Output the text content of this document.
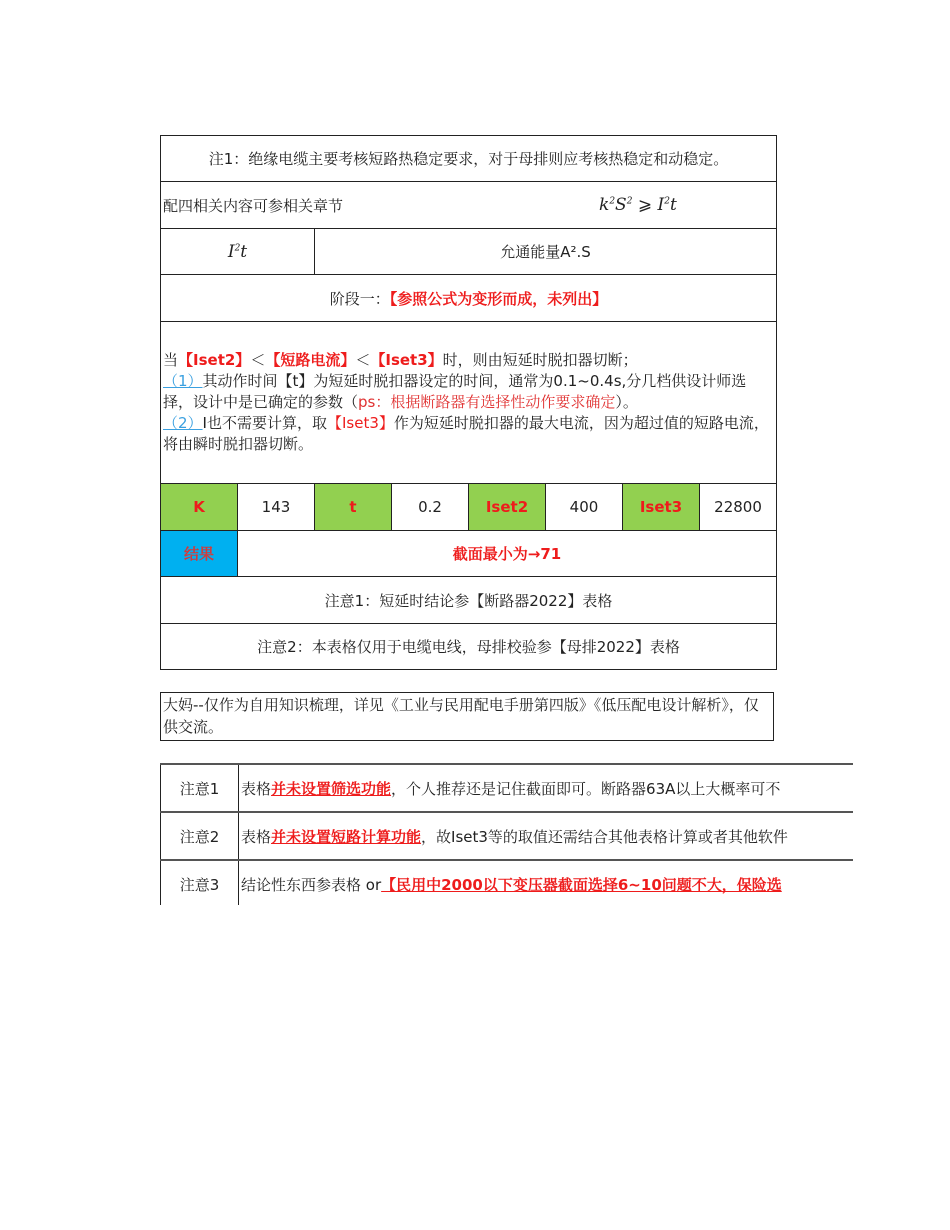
注1：绝缘电缆主要考核短路热稳定要求，对于母排则应考核热稳定和动稳定。							

配四相关内容可参相关章节 $k^2S^2$ ⩾ $I^2t$							

$I^2t$		允通能量A².S					
阶段一：【参照公式为变形而成，未列出】							

当【Iset2】＜【短路电流】＜【Iset3】时，则由短延时脱扣器切断；
（1）其动作时间【t】为短延时脱扣器设定的时间，通常为0.1~0.4s,分几档供设计师选择，设计中是已确定的参数（ps：根据断路器有选择性动作要求确定）。
（2）Ⅰ也不需要计算，取【Iset3】作为短延时脱扣器的最大电流，因为超过值的短路电流，将由瞬时脱扣器切断。							

K	143	t	0.2	Iset2	400	Iset3	22800
结果	截面最小为→71						
注意1：短延时结论参【断路器2022】表格							
注意2：本表格仅用于电缆电线，母排校验参【母排2022】表格							
大妈--仅作为自用知识梳理，详见《工业与民用配电手册第四版》《低压配电设计解析》，仅供交流。
注意1	表格并未设置筛选功能，个人推荐还是记住截面即可。断路器63A以上大概率可不
注意2	表格并未设置短路计算功能，故Iset3等的取值还需结合其他表格计算或者其他软件
注意3	结论性东西参表格 or【民用中2000以下变压器截面选择6~10问题不大，保险选
